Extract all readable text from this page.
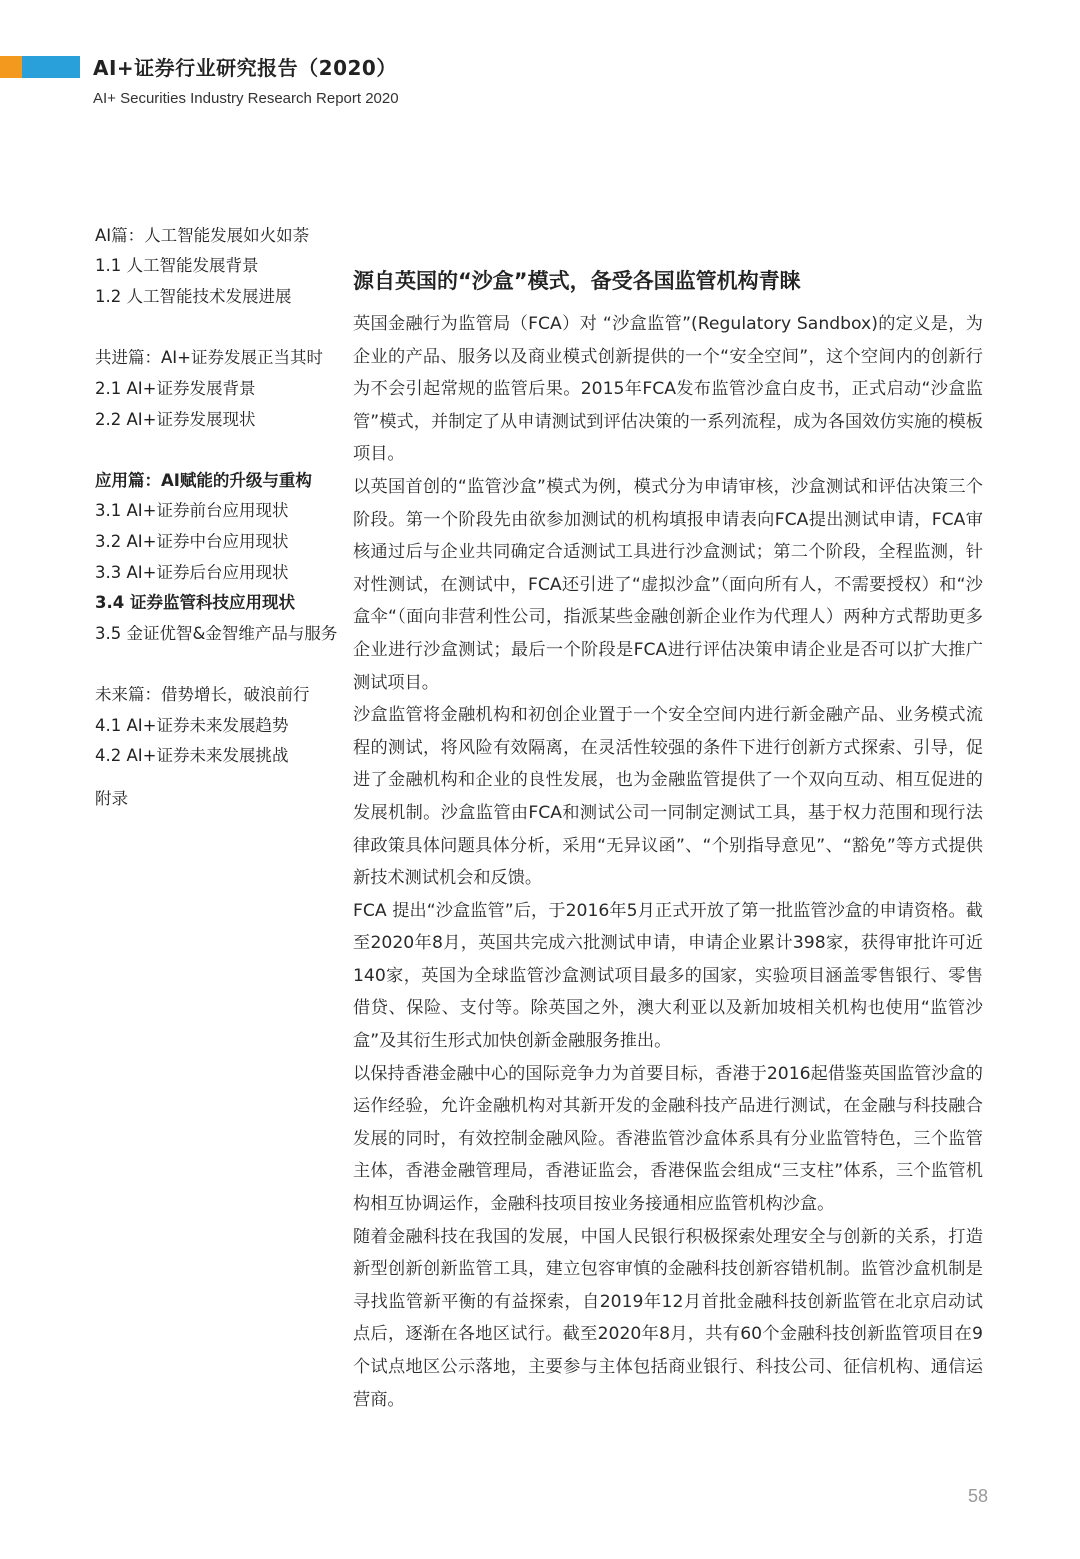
AI+证券行业研究报告（2020）
AI+ Securities Industry Research Report 2020
AI篇：人工智能发展如火如荼
1.1 人工智能发展背景
1.2 人工智能技术发展进展
共进篇：AI+证券发展正当其时
2.1 AI+证券发展背景
2.2 AI+证券发展现状
应用篇：AI赋能的升级与重构
3.1 AI+证券前台应用现状
3.2 AI+证券中台应用现状
3.3 AI+证券后台应用现状
3.4 证券监管科技应用现状
3.5 金证优智&金智维产品与服务
未来篇：借势增长，破浪前行
4.1 AI+证券未来发展趋势
4.2 AI+证券未来发展挑战
附录
源自英国的“沙盒”模式，备受各国监管机构青睐

英国金融行为监管局（FCA）对 “沙盒监管”(Regulatory Sandbox)的定义是，为企业的产品、服务以及商业模式创新提供的一个“安全空间”，这个空间内的创新行为不会引起常规的监管后果。2015年FCA发布监管沙盒白皮书，正式启动“沙盒监管”模式，并制定了从申请测试到评估决策的一系列流程，成为各国效仿实施的模板项目。

以英国首创的“监管沙盒”模式为例，模式分为申请审核，沙盒测试和评估决策三个阶段。第一个阶段先由欲参加测试的机构填报申请表向FCA提出测试申请，FCA审核通过后与企业共同确定合适测试工具进行沙盒测试；第二个阶段，全程监测，针对性测试，在测试中，FCA还引进了“虚拟沙盒”（面向所有人，不需要授权）和“沙盒伞“（面向非营利性公司，指派某些金融创新企业作为代理人）两种方式帮助更多企业进行沙盒测试；最后一个阶段是FCA进行评估决策申请企业是否可以扩大推广测试项目。

沙盒监管将金融机构和初创企业置于一个安全空间内进行新金融产品、业务模式流程的测试，将风险有效隔离，在灵活性较强的条件下进行创新方式探索、引导，促进了金融机构和企业的良性发展，也为金融监管提供了一个双向互动、相互促进的发展机制。沙盒监管由FCA和测试公司一同制定测试工具，基于权力范围和现行法律政策具体问题具体分析，采用“无异议函”、“个别指导意见”、“豁免”等方式提供新技术测试机会和反馈。

FCA 提出“沙盒监管”后，于2016年5月正式开放了第一批监管沙盒的申请资格。截至2020年8月，英国共完成六批测试申请，申请企业累计398家，获得审批许可近140家，英国为全球监管沙盒测试项目最多的国家，实验项目涵盖零售银行、零售借贷、保险、支付等。除英国之外，澳大利亚以及新加坡相关机构也使用“监管沙盒”及其衍生形式加快创新金融服务推出。

以保持香港金融中心的国际竞争力为首要目标，香港于2016起借鉴英国监管沙盒的运作经验，允许金融机构对其新开发的金融科技产品进行测试，在金融与科技融合发展的同时，有效控制金融风险。香港监管沙盒体系具有分业监管特色，三个监管主体，香港金融管理局，香港证监会，香港保监会组成“三支柱”体系，三个监管机构相互协调运作，金融科技项目按业务接通相应监管机构沙盒。

随着金融科技在我国的发展，中国人民银行积极探索处理安全与创新的关系，打造新型创新创新监管工具，建立包容审慎的金融科技创新容错机制。监管沙盒机制是寻找监管新平衡的有益探索，自2019年12月首批金融科技创新监管在北京启动试点后，逐渐在各地区试行。截至2020年8月，共有60个金融科技创新监管项目在9个试点地区公示落地，主要参与主体包括商业银行、科技公司、征信机构、通信运营商。

58
